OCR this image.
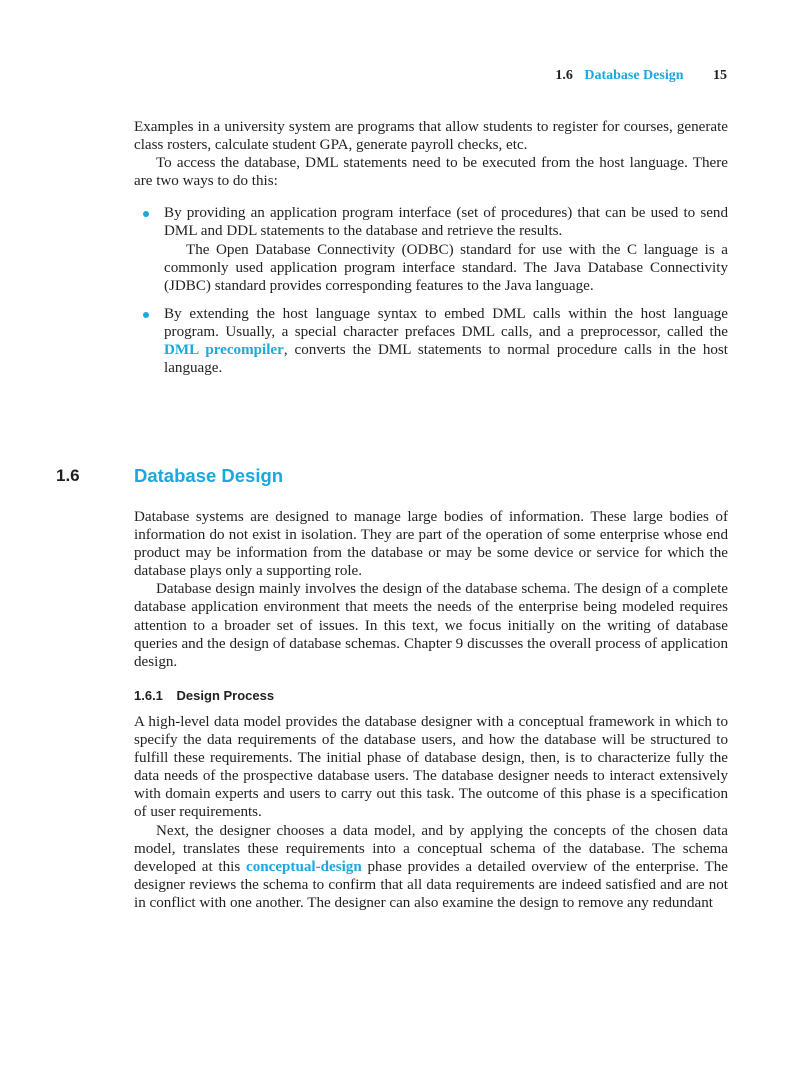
1.6 Database Design 15

Examples in a university system are programs that allow students to register for courses, generate class rosters, calculate student GPA, generate payroll checks, etc.

To access the database, DML statements need to be executed from the host language. There are two ways to do this:

By providing an application program interface (set of procedures) that can be used to send DML and DDL statements to the database and retrieve the results.

The Open Database Connectivity (ODBC) standard for use with the C language is a commonly used application program interface standard. The Java Database Connectivity (JDBC) standard provides corresponding features to the Java language.

By extending the host language syntax to embed DML calls within the host language program. Usually, a special character prefaces DML calls, and a preprocessor, called the DML precompiler, converts the DML statements to normal procedure calls in the host language.

1.6	Database Design

Database systems are designed to manage large bodies of information. These large bodies of information do not exist in isolation. They are part of the operation of some enterprise whose end product may be information from the database or may be some device or service for which the database plays only a supporting role.

Database design mainly involves the design of the database schema. The design of a complete database application environment that meets the needs of the enterprise being modeled requires attention to a broader set of issues. In this text, we focus initially on the writing of database queries and the design of database schemas. Chapter 9 discusses the overall process of application design.

1.6.1 Design Process

A high-level data model provides the database designer with a conceptual framework in which to specify the data requirements of the database users, and how the database will be structured to fulfill these requirements. The initial phase of database design, then, is to characterize fully the data needs of the prospective database users. The database designer needs to interact extensively with domain experts and users to carry out this task. The outcome of this phase is a specification of user requirements.

Next, the designer chooses a data model, and by applying the concepts of the chosen data model, translates these requirements into a conceptual schema of the database. The schema developed at this conceptual-design phase provides a detailed overview of the enterprise. The designer reviews the schema to confirm that all data requirements are indeed satisfied and are not in conflict with one another. The designer can also examine the design to remove any redundant
